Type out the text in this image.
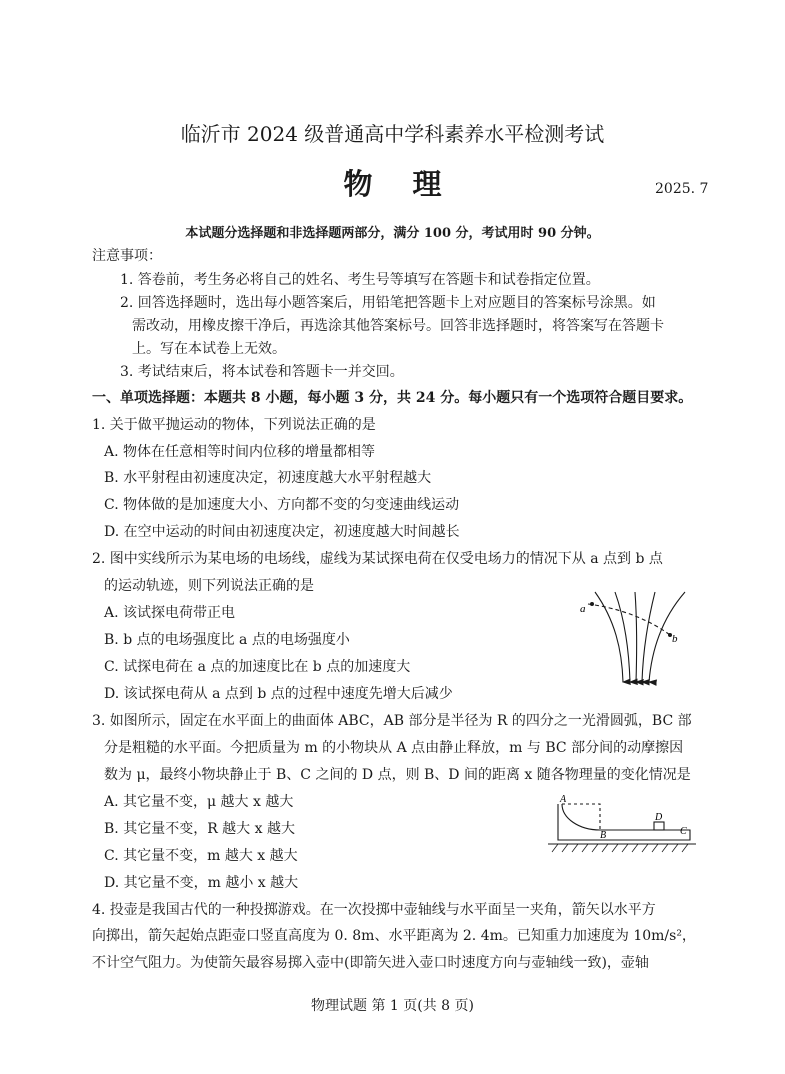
临沂市 2024 级普通高中学科素养水平检测考试
物理	2025. 7
本试题分选择题和非选择题两部分，满分 100 分，考试用时 90 分钟。
注意事项：
1. 答卷前，考生务必将自己的姓名、考生号等填写在答题卡和试卷指定位置。
2. 回答选择题时，选出每小题答案后，用铅笔把答题卡上对应题目的答案标号涂黑。如
需改动，用橡皮擦干净后，再选涂其他答案标号。回答非选择题时，将答案写在答题卡
上。写在本试卷上无效。
3. 考试结束后，将本试卷和答题卡一并交回。
一、单项选择题：本题共 8 小题，每小题 3 分，共 24 分。每小题只有一个选项符合题目要求。
1. 关于做平抛运动的物体，下列说法正确的是
A. 物体在任意相等时间内位移的增量都相等
B. 水平射程由初速度决定，初速度越大水平射程越大
C. 物体做的是加速度大小、方向都不变的匀变速曲线运动
D. 在空中运动的时间由初速度决定，初速度越大时间越长
2. 图中实线所示为某电场的电场线，虚线为某试探电荷在仅受电场力的情况下从 a 点到 b 点
的运动轨迹，则下列说法正确的是
A. 该试探电荷带正电
B. b 点的电场强度比 a 点的电场强度小
C. 试探电荷在 a 点的加速度比在 b 点的加速度大
D. 该试探电荷从 a 点到 b 点的过程中速度先增大后减少
a
b
3. 如图所示，固定在水平面上的曲面体 ABC，AB 部分是半径为 R 的四分之一光滑圆弧，BC 部
分是粗糙的水平面。今把质量为 m 的小物块从 A 点由静止释放，m 与 BC 部分间的动摩擦因
数为 μ，最终小物块静止于 B、C 之间的 D 点，则 B、D 间的距离 x 随各物理量的变化情况是
A. 其它量不变，μ 越大 x 越大
B. 其它量不变，R 越大 x 越大
C. 其它量不变，m 越大 x 越大
D. 其它量不变，m 越小 x 越大
A
B
D
C
4. 投壶是我国古代的一种投掷游戏。在一次投掷中壶轴线与水平面呈一夹角，箭矢以水平方
向掷出，箭矢起始点距壶口竖直高度为 0. 8m、水平距离为 2. 4m。已知重力加速度为 10m/s²，
不计空气阻力。为使箭矢最容易掷入壶中(即箭矢进入壶口时速度方向与壶轴线一致)，壶轴
物理试题 第 1 页(共 8 页)
